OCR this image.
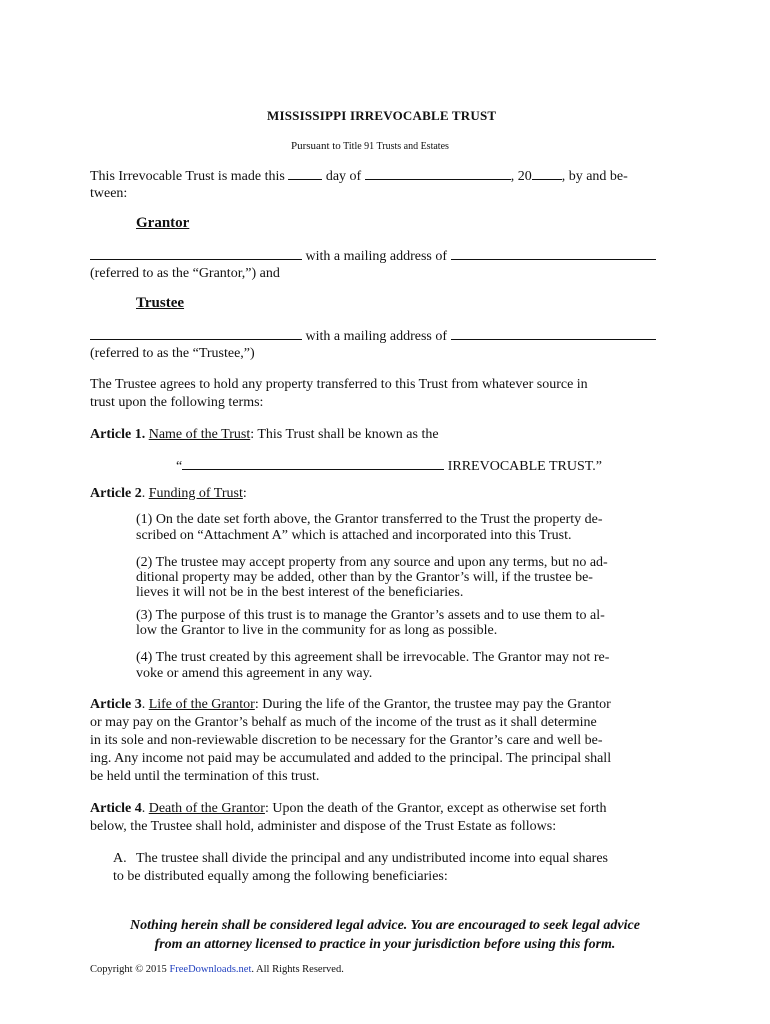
MISSISSIPPI IRREVOCABLE TRUST
Pursuant to Title 91 Trusts and Estates
This Irrevocable Trust is made this	day of	, 20 , by and be-
tween:
Grantor
with a mailing address of
(referred to as the “Grantor,”) and
Trustee
with a mailing address of
(referred to as the “Trustee,”)
The Trustee agrees to hold any property transferred to this Trust from whatever source in
trust upon the following terms:
Article 1. Name of the Trust: This Trust shall be known as the
“	IRREVOCABLE TRUST.”
Article 2. Funding of Trust:
(1) On the date set forth above, the Grantor transferred to the Trust the property de-
scribed on “Attachment A” which is attached and incorporated into this Trust.
(2) The trustee may accept property from any source and upon any terms, but no ad-
ditional property may be added, other than by the Grantor’s will, if the trustee be-
lieves it will not be in the best interest of the beneficiaries.
(3) The purpose of this trust is to manage the Grantor’s assets and to use them to al-
low the Grantor to live in the community for as long as possible.
(4) The trust created by this agreement shall be irrevocable. The Grantor may not re-
voke or amend this agreement in any way.
Article 3. Life of the Grantor: During the life of the Grantor, the trustee may pay the Grantor
or may pay on the Grantor’s behalf as much of the income of the trust as it shall determine
in its sole and non-reviewable discretion to be necessary for the Grantor’s care and well be-
ing. Any income not paid may be accumulated and added to the principal. The principal shall
be held until the termination of this trust.
Article 4. Death of the Grantor: Upon the death of the Grantor, except as otherwise set forth
below, the Trustee shall hold, administer and dispose of the Trust Estate as follows:
A. The trustee shall divide the principal and any undistributed income into equal shares
to be distributed equally among the following beneficiaries:
Nothing herein shall be considered legal advice. You are encouraged to seek legal advice
from an attorney licensed to practice in your jurisdiction before using this form.
Copyright © 2015 FreeDownloads.net. All Rights Reserved.
